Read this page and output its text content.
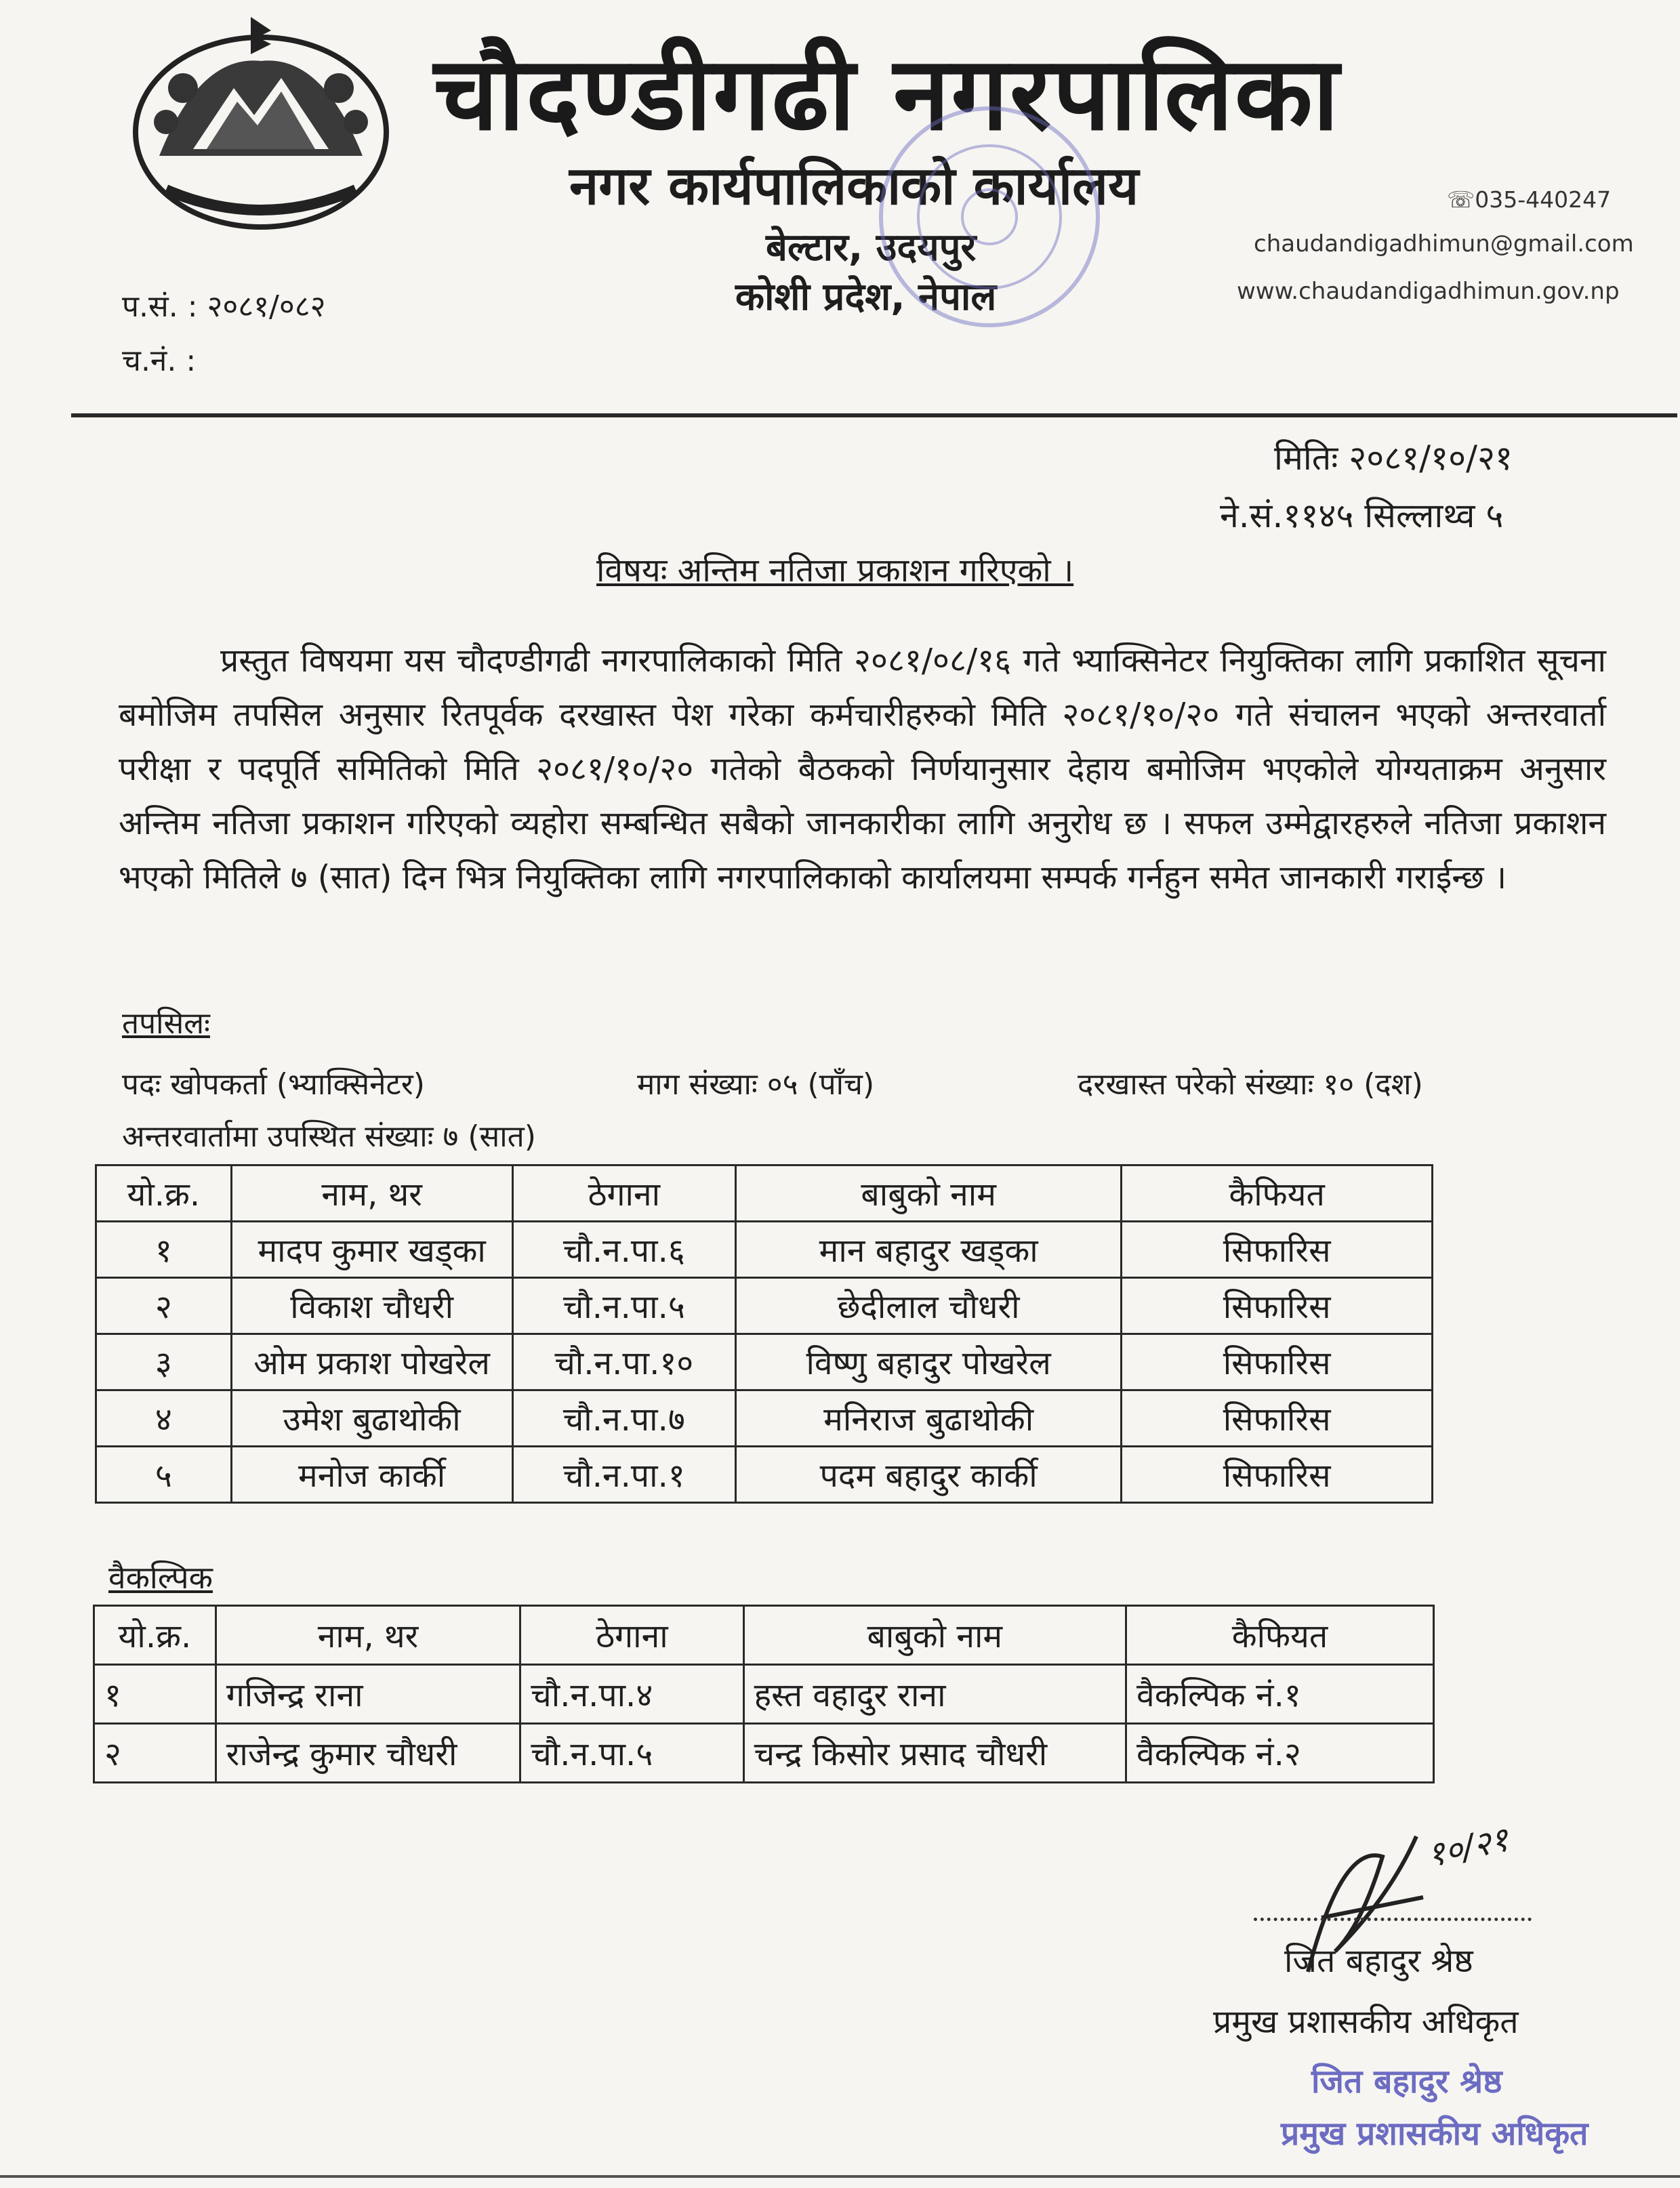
चौदण्डीगढी नगरपालिका
नगर कार्यपालिकाको कार्यालय
बेल्टार, उदयपुर
कोशी प्रदेश, नेपाल
☏035-440247
chaudandigadhimun@gmail.com
www.chaudandigadhimun.gov.np
प.सं. : २०८१/०८२
च.नं. :
मितिः २०८१/१०/२१
ने.सं.११४५ सिल्लाथ्व ५
विषयः अन्तिम नतिजा प्रकाशन गरिएको ।
प्रस्तुत विषयमा यस चौदण्डीगढी नगरपालिकाको मिति २०८१/०८/१६ गते भ्याक्सिनेटर नियुक्तिका लागि प्रकाशित सूचना बमोजिम तपसिल अनुसार रितपूर्वक दरखास्त पेश गरेका कर्मचारीहरुको मिति २०८१/१०/२० गते संचालन भएको अन्तरवार्ता परीक्षा र पदपूर्ति समितिको मिति २०८१/१०/२० गतेको बैठकको निर्णयानुसार देहाय बमोजिम भएकोले योग्यताक्रम अनुसार अन्तिम नतिजा प्रकाशन गरिएको व्यहोरा सम्बन्धित सबैको जानकारीका लागि अनुरोध छ । सफल उम्मेद्वारहरुले नतिजा प्रकाशन भएको मितिले ७ (सात) दिन भित्र नियुक्तिका लागि नगरपालिकाको कार्यालयमा सम्पर्क गर्नहुन समेत जानकारी गराईन्छ ।
तपसिलः
पदः खोपकर्ता (भ्याक्सिनेटर)	माग संख्याः ०५ (पाँच)	दरखास्त परेको संख्याः १० (दश)
अन्तरवार्तामा उपस्थित संख्याः ७ (सात)
यो.क्र.	नाम, थर	ठेगाना	बाबुको नाम	कैफियत
१	मादप कुमार खड्का	चौ.न.पा.६	मान बहादुर खड्का	सिफारिस
२	विकाश चौधरी	चौ.न.पा.५	छेदीलाल चौधरी	सिफारिस
३	ओम प्रकाश पोखरेल	चौ.न.पा.१०	विष्णु बहादुर पोखरेल	सिफारिस
४	उमेश बुढाथोकी	चौ.न.पा.७	मनिराज बुढाथोकी	सिफारिस
५	मनोज कार्की	चौ.न.पा.१	पदम बहादुर कार्की	सिफारिस
वैकल्पिक
यो.क्र.	नाम, थर	ठेगाना	बाबुको नाम	कैफियत
१	गजिन्द्र राना	चौ.न.पा.४	हस्त वहादुर राना	वैकल्पिक नं.१
२	राजेन्द्र कुमार चौधरी	चौ.न.पा.५	चन्द्र किसोर प्रसाद चौधरी	वैकल्पिक नं.२
१०/२१
जित बहादुर श्रेष्ठ
प्रमुख प्रशासकीय अधिकृत
जित बहादुर श्रेष्ठ
प्रमुख प्रशासकीय अधिकृत
